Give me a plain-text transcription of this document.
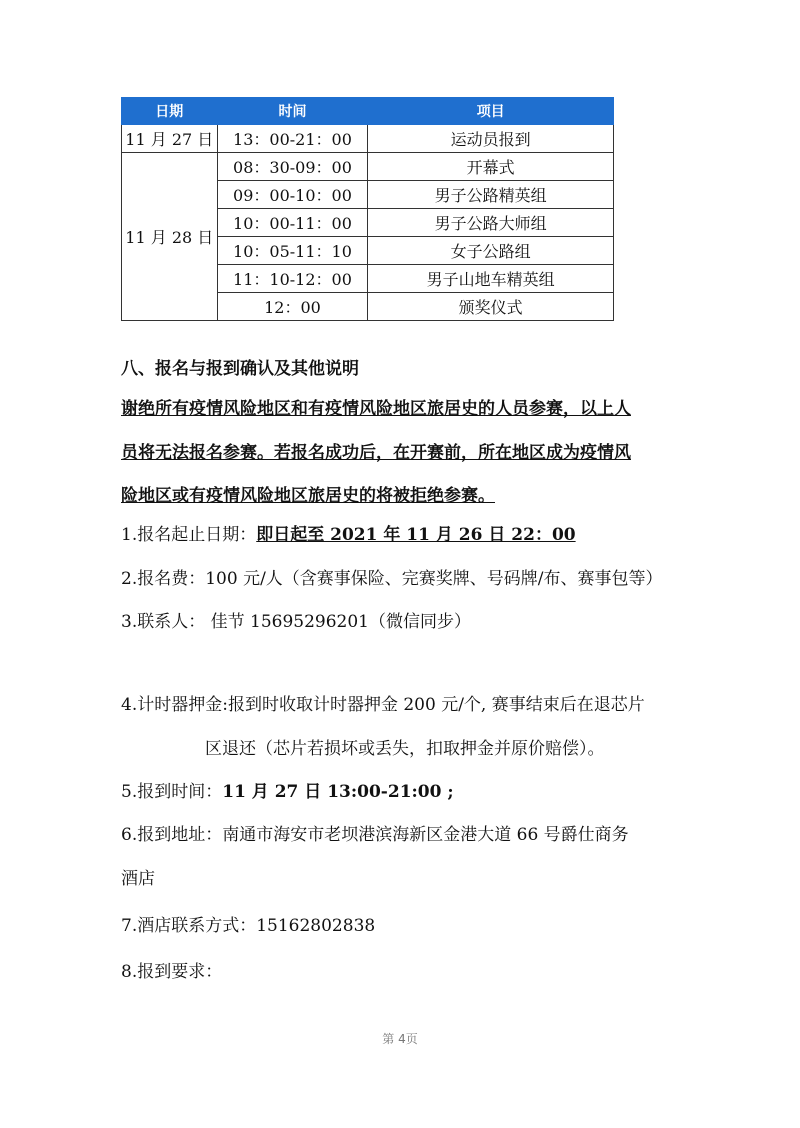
日期	时间	项目
11 月 27 日	13：00-21：00	运动员报到
11 月 28 日	08：30-09：00	开幕式
	09：00-10：00	男子公路精英组
	10：00-11：00	男子公路大师组
	10：05-11：10	女子公路组
	11：10-12：00	男子山地车精英组
	12：00	颁奖仪式
八、报名与报到确认及其他说明
谢绝所有疫情风险地区和有疫情风险地区旅居史的人员参赛，以上人
员将无法报名参赛。若报名成功后，在开赛前，所在地区成为疫情风
险地区或有疫情风险地区旅居史的将被拒绝参赛。
1.报名起止日期：即日起至 2021 年 11 月 26 日 22：00
2.报名费：100 元/人（含赛事保险、完赛奖牌、号码牌/布、赛事包等）
3.联系人： 佳节 15695296201（微信同步）
4.计时器押金:报到时收取计时器押金 200 元/个, 赛事结束后在退芯片
区退还（芯片若损坏或丢失，扣取押金并原价赔偿）。
5.报到时间：11 月 27 日 13:00-21:00 ;
6.报到地址：南通市海安市老坝港滨海新区金港大道 66 号爵仕商务
酒店
7.酒店联系方式：15162802838
8.报到要求：
第 4页
